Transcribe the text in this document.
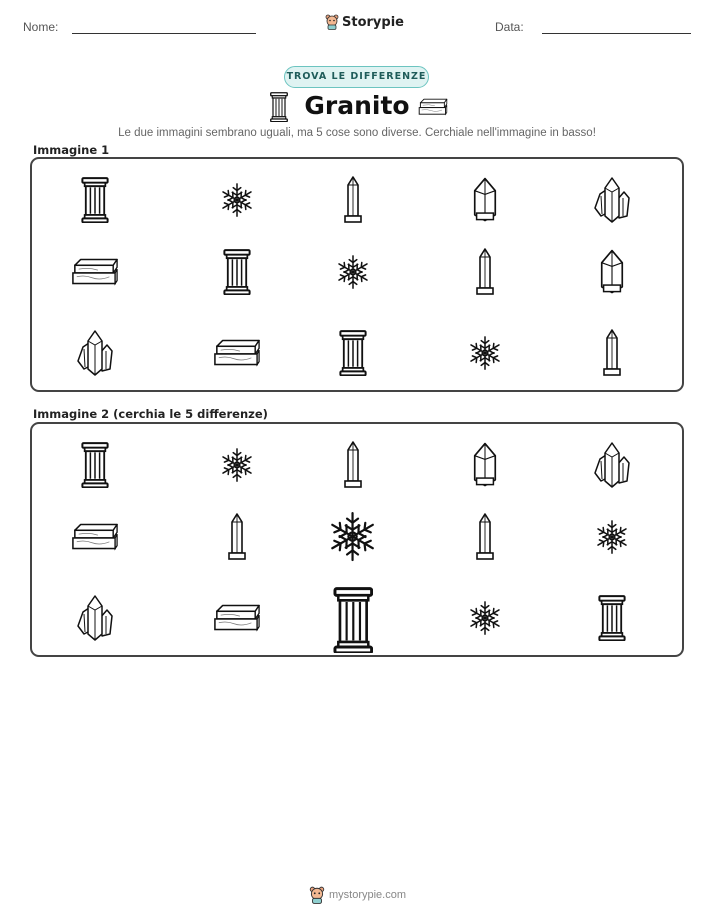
Nome:	Storypie	Data:
TROVA LE DIFFERENZE
Granito
Le due immagini sembrano uguali, ma 5 cose sono diverse. Cerchiale nell'immagine in basso!
Immagine 1
Immagine 2 (cerchia le 5 differenze)
mystorypie.com
